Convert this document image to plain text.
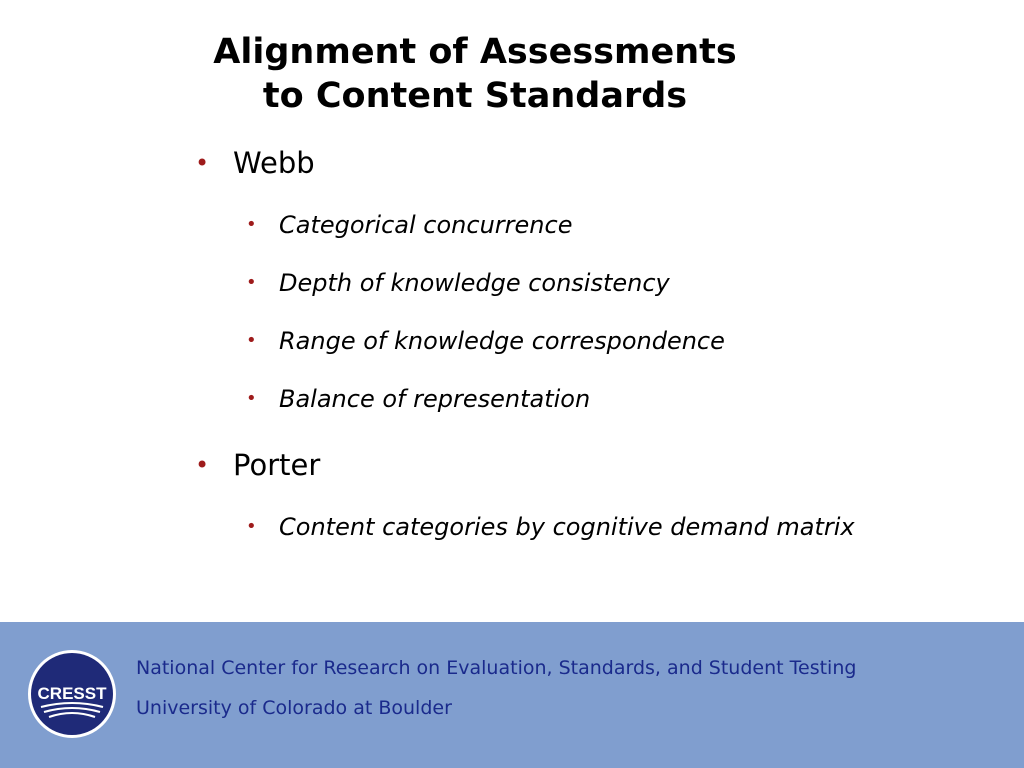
Alignment of Assessments
to Content Standards
• Webb
• Categorical concurrence
• Depth of knowledge consistency
• Range of knowledge correspondence
• Balance of representation
• Porter
• Content categories by cognitive demand matrix
CRESST
National Center for Research on Evaluation, Standards, and Student Testing
University of Colorado at Boulder
